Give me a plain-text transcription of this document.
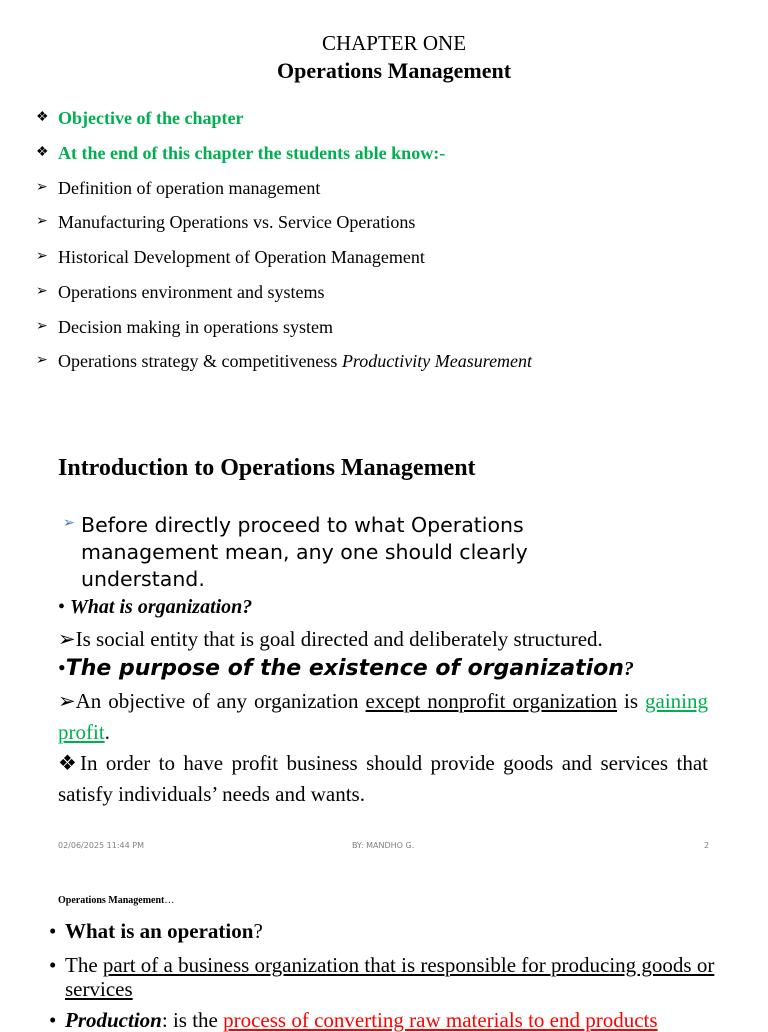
CHAPTER ONE
Operations Management
❖ Objective of the chapter
❖ At the end of this chapter the students able know:-
➢ Definition of operation management
➢ Manufacturing Operations vs. Service Operations
➢ Historical Development of Operation Management
➢ Operations environment and systems
➢ Decision making in operations system
➢ Operations strategy & competitiveness Productivity Measurement
Introduction to Operations Management
➢ Before directly proceed to what Operations management mean, any one should clearly understand.
• What is organization?
➢Is social entity that is goal directed and deliberately structured.
•The purpose of the existence of organization?
➢An objective of any organization except nonprofit organization is gaining profit.
❖In order to have profit business should provide goods and services that satisfy individuals’ needs and wants.
02/06/2025 11:44 PM	BY: MANDHO G.	2
Operations Management…
• What is an operation?
• The part of a business organization that is responsible for producing goods or services
• Production: is the process of converting raw materials to end products
